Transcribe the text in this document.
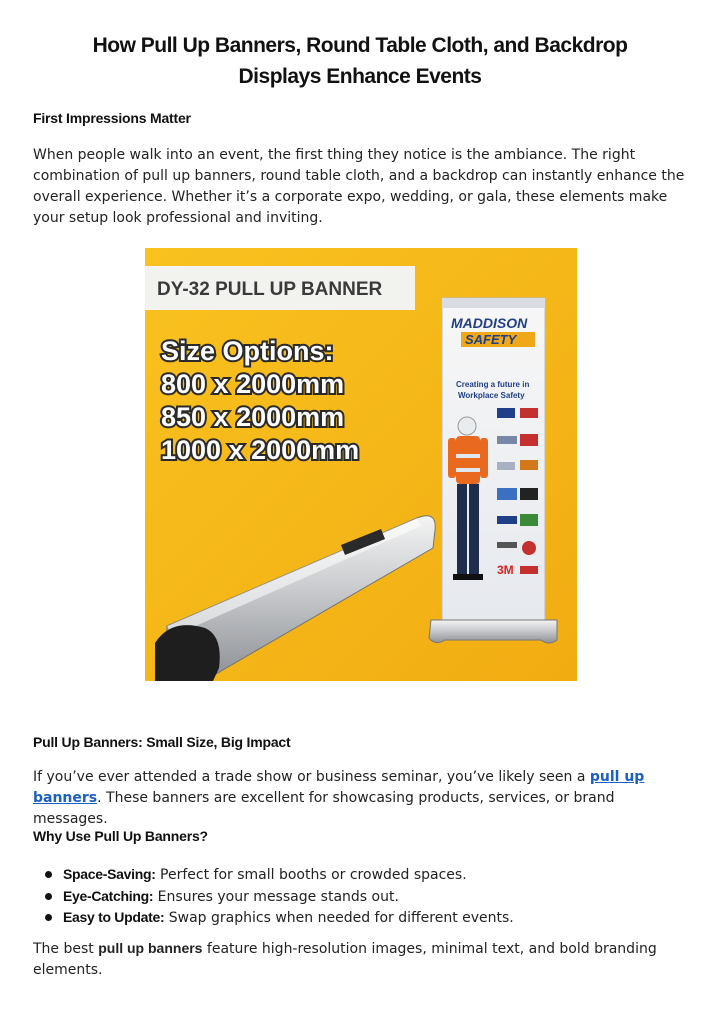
How Pull Up Banners, Round Table Cloth, and Backdrop
Displays Enhance Events

First Impressions Matter

When people walk into an event, the first thing they notice is the ambiance. The right combination of pull up banners, round table cloth, and a backdrop can instantly enhance the overall experience. Whether it’s a corporate expo, wedding, or gala, these elements make your setup look professional and inviting.

DY-32 PULL UP BANNER
Size Options:
800 x 2000mm
850 x 2000mm
1000 x 2000mm
MADDISON
SAFETY
Creating a future in
Workplace Safety
3M

Pull Up Banners: Small Size, Big Impact

If you’ve ever attended a trade show or business seminar, you’ve likely seen a pull up banners. These banners are excellent for showcasing products, services, or brand messages.

Why Use Pull Up Banners?

Space-Saving: Perfect for small booths or crowded spaces.
Eye-Catching: Ensures your message stands out.
Easy to Update: Swap graphics when needed for different events.

The best pull up banners feature high-resolution images, minimal text, and bold branding elements.
